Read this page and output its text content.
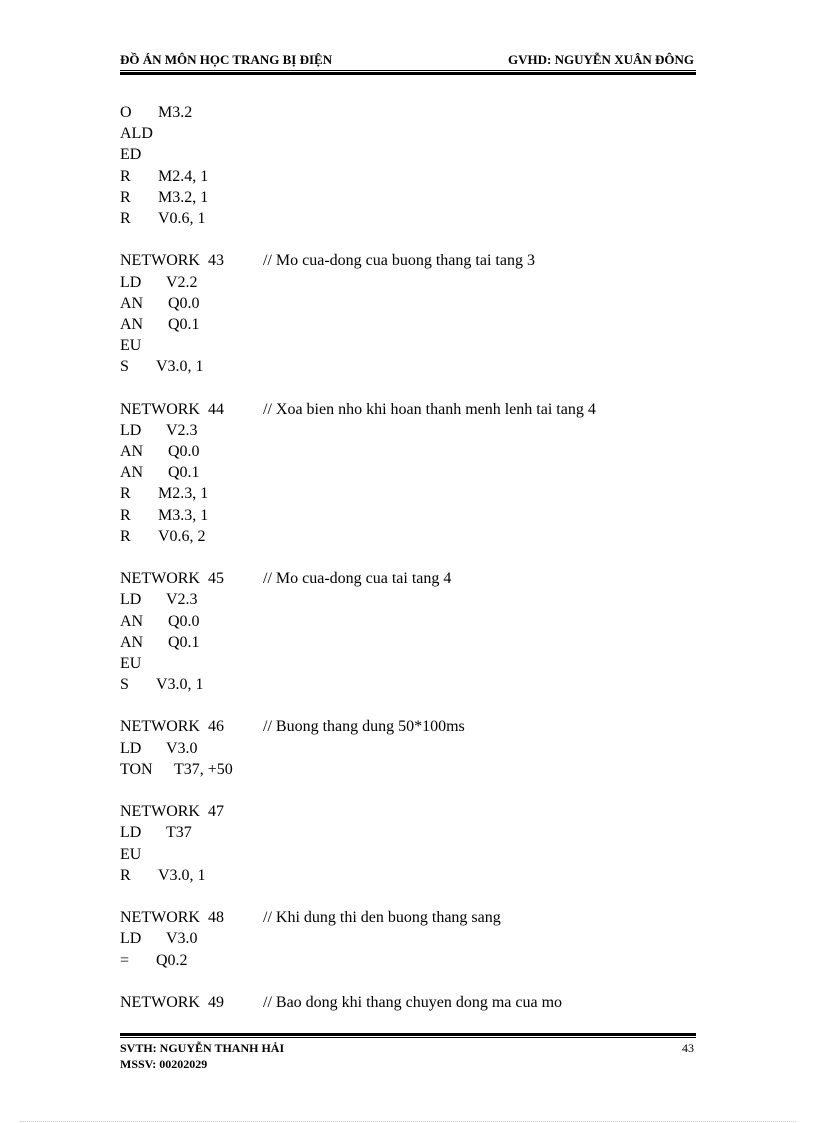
ĐỒ ÁN MÔN HỌC TRANG BỊ ĐIỆN	GVHD: NGUYỄN XUÂN ĐÔNG
O M3.2
ALD
ED
R M2.4, 1
R M3.2, 1
R V0.6, 1
NETWORK  43 // Mo cua-dong cua buong thang tai tang 3
LD V2.2
AN Q0.0
AN Q0.1
EU
S V3.0, 1
NETWORK  44 // Xoa bien nho khi hoan thanh menh lenh tai tang 4
LD V2.3
AN Q0.0
AN Q0.1
R M2.3, 1
R M3.3, 1
R V0.6, 2
NETWORK  45 // Mo cua-dong cua tai tang 4
LD V2.3
AN Q0.0
AN Q0.1
EU
S V3.0, 1
NETWORK  46 // Buong thang dung 50*100ms
LD V3.0
TON T37, +50
NETWORK  47
LD T37
EU
R V3.0, 1
NETWORK  48 // Khi dung thi den buong thang sang
LD V3.0
= Q0.2
NETWORK  49 // Bao dong khi thang chuyen dong ma cua mo
SVTH: NGUYỄN THANH HẢI
MSSV: 00202029
43
